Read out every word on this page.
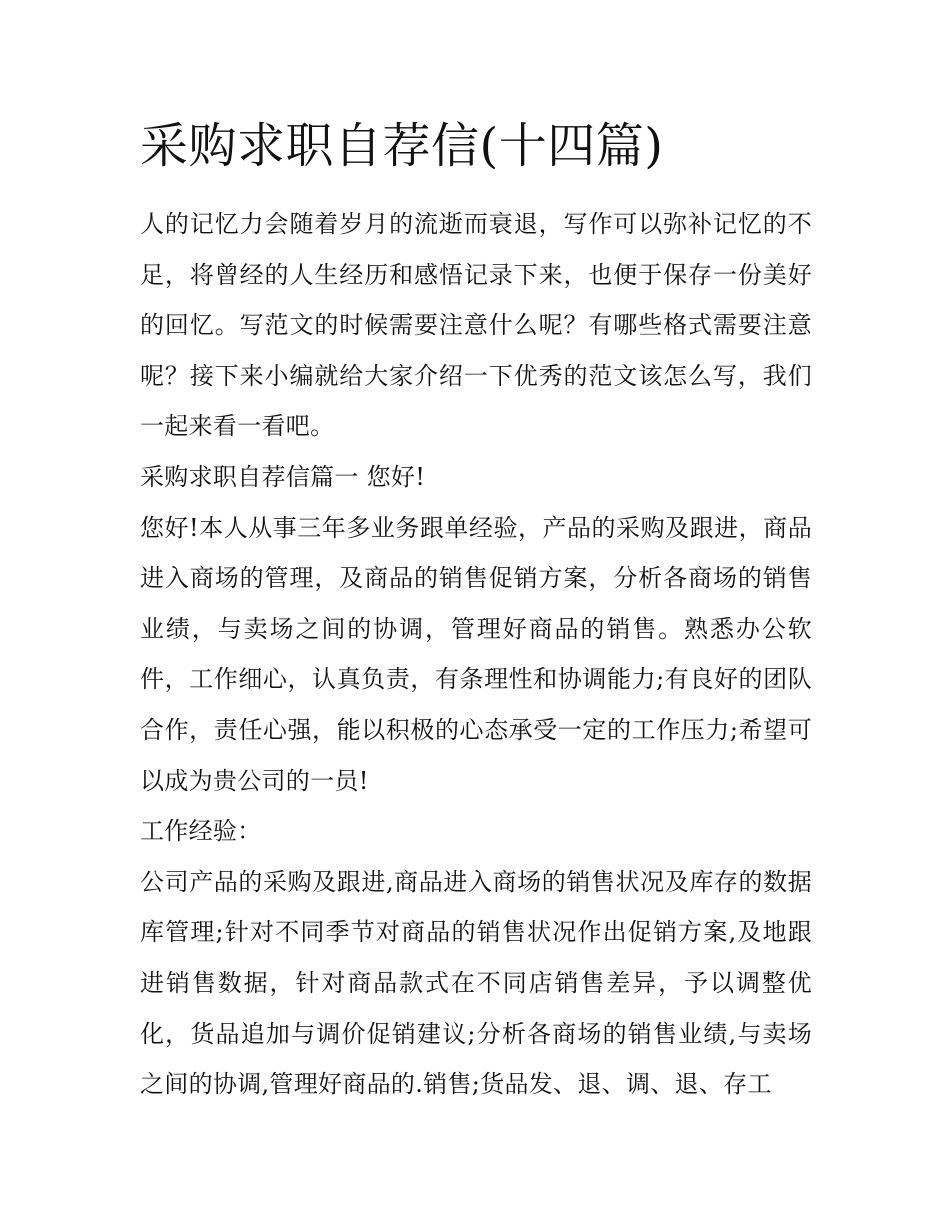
采购求职自荐信(十四篇)

人的记忆力会随着岁月的流逝而衰退，写作可以弥补记忆的不足，将曾经的人生经历和感悟记录下来，也便于保存一份美好的回忆。写范文的时候需要注意什么呢？有哪些格式需要注意呢？接下来小编就给大家介绍一下优秀的范文该怎么写，我们一起来看一看吧。

采购求职自荐信篇一 您好!

您好!本人从事三年多业务跟单经验，产品的采购及跟进，商品进入商场的管理，及商品的销售促销方案，分析各商场的销售业绩，与卖场之间的协调，管理好商品的销售。熟悉办公软件，工作细心，认真负责，有条理性和协调能力;有良好的团队合作，责任心强，能以积极的心态承受一定的工作压力;希望可以成为贵公司的一员!

工作经验：

公司产品的采购及跟进,商品进入商场的销售状况及库存的数据库管理;针对不同季节对商品的销售状况作出促销方案,及地跟进销售数据，针对商品款式在不同店销售差异，予以调整优化，货品追加与调价促销建议;分析各商场的销售业绩,与卖场之间的协调,管理好商品的.销售;货品发、退、调、退、存工
